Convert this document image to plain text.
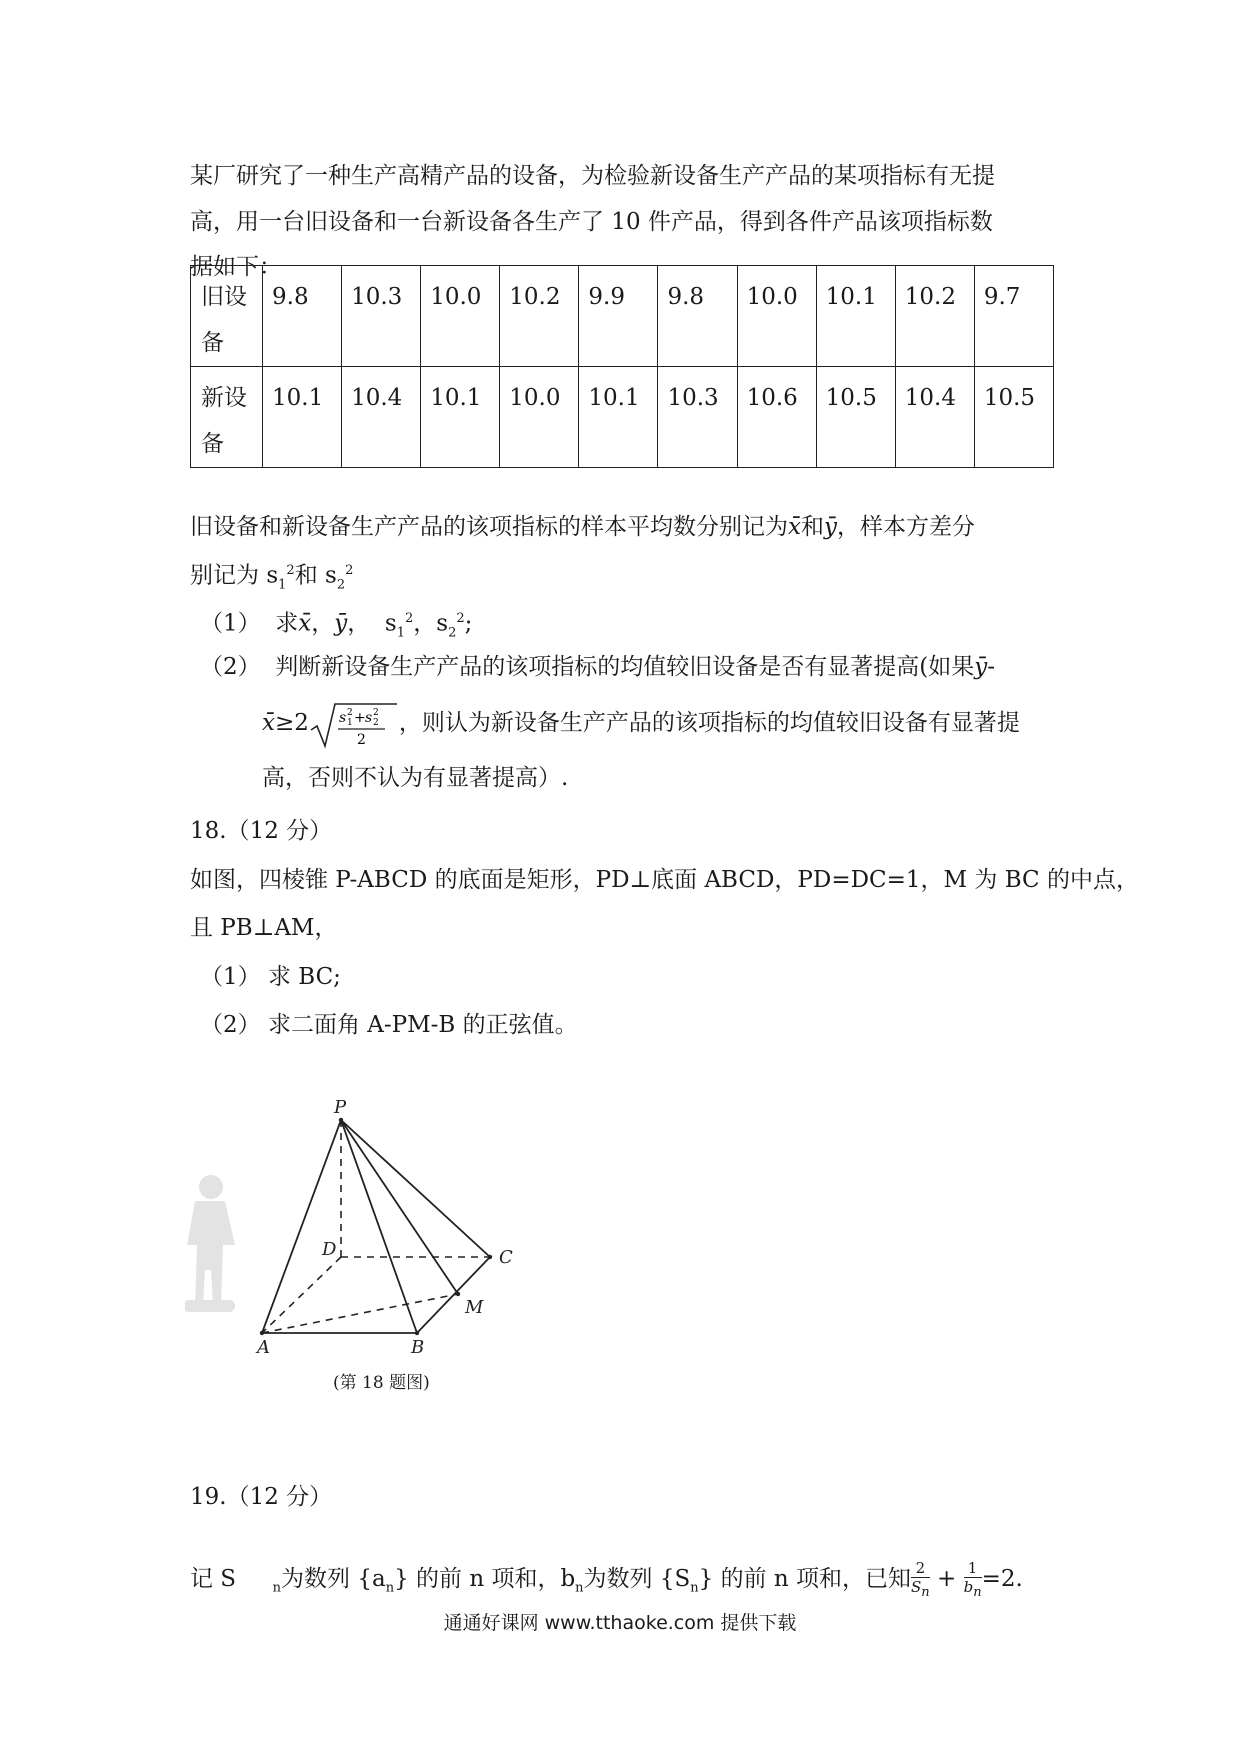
某厂研究了一种生产高精产品的设备，为检验新设备生产产品的某项指标有无提
高，用一台旧设备和一台新设备各生产了 10 件产品，得到各件产品该项指标数
据如下：
旧设
备	9.8	10.3	10.0	10.2	9.9	9.8	10.0	10.1	10.2	9.7

新设
备	10.1	10.4	10.1	10.0	10.1	10.3	10.6	10.5	10.4	10.5
旧设备和新设备生产产品的该项指标的样本平均数分别记为x̄和ȳ，样本方差分
别记为 $s_1^2$和 $s_2^2$
（1） 求x̄，ȳ，  $s_1^2$，$s_2^2$;
（2） 判断新设备生产产品的该项指标的均值较旧设备是否有显著提高(如果ȳ-
x̄≥2 s 1
2 + s 2
2
2
，则认为新设备生产产品的该项指标的均值较旧设备有显著提
高，否则不认为有显著提高）.
18.（12 分）
如图，四棱锥 P-ABCD 的底面是矩形，PD⊥底面 ABCD，PD=DC=1，M 为 BC 的中点，
且 PB⊥AM，
（1） 求 BC;
（2） 求二面角 A-PM-B 的正弦值。
P
D	C
M
A	B
(第 18 题图)
19.（12 分）
记 S	$_n$为数列 $\{a_n\}$ 的前 n 项和，$b_n$为数列 $\{S_n\}$ 的前 n 项和，已知 $\frac{2}{S_n} + \frac{1}{b_n} =2$.
通通好课网 www.tthaoke.com 提供下载
